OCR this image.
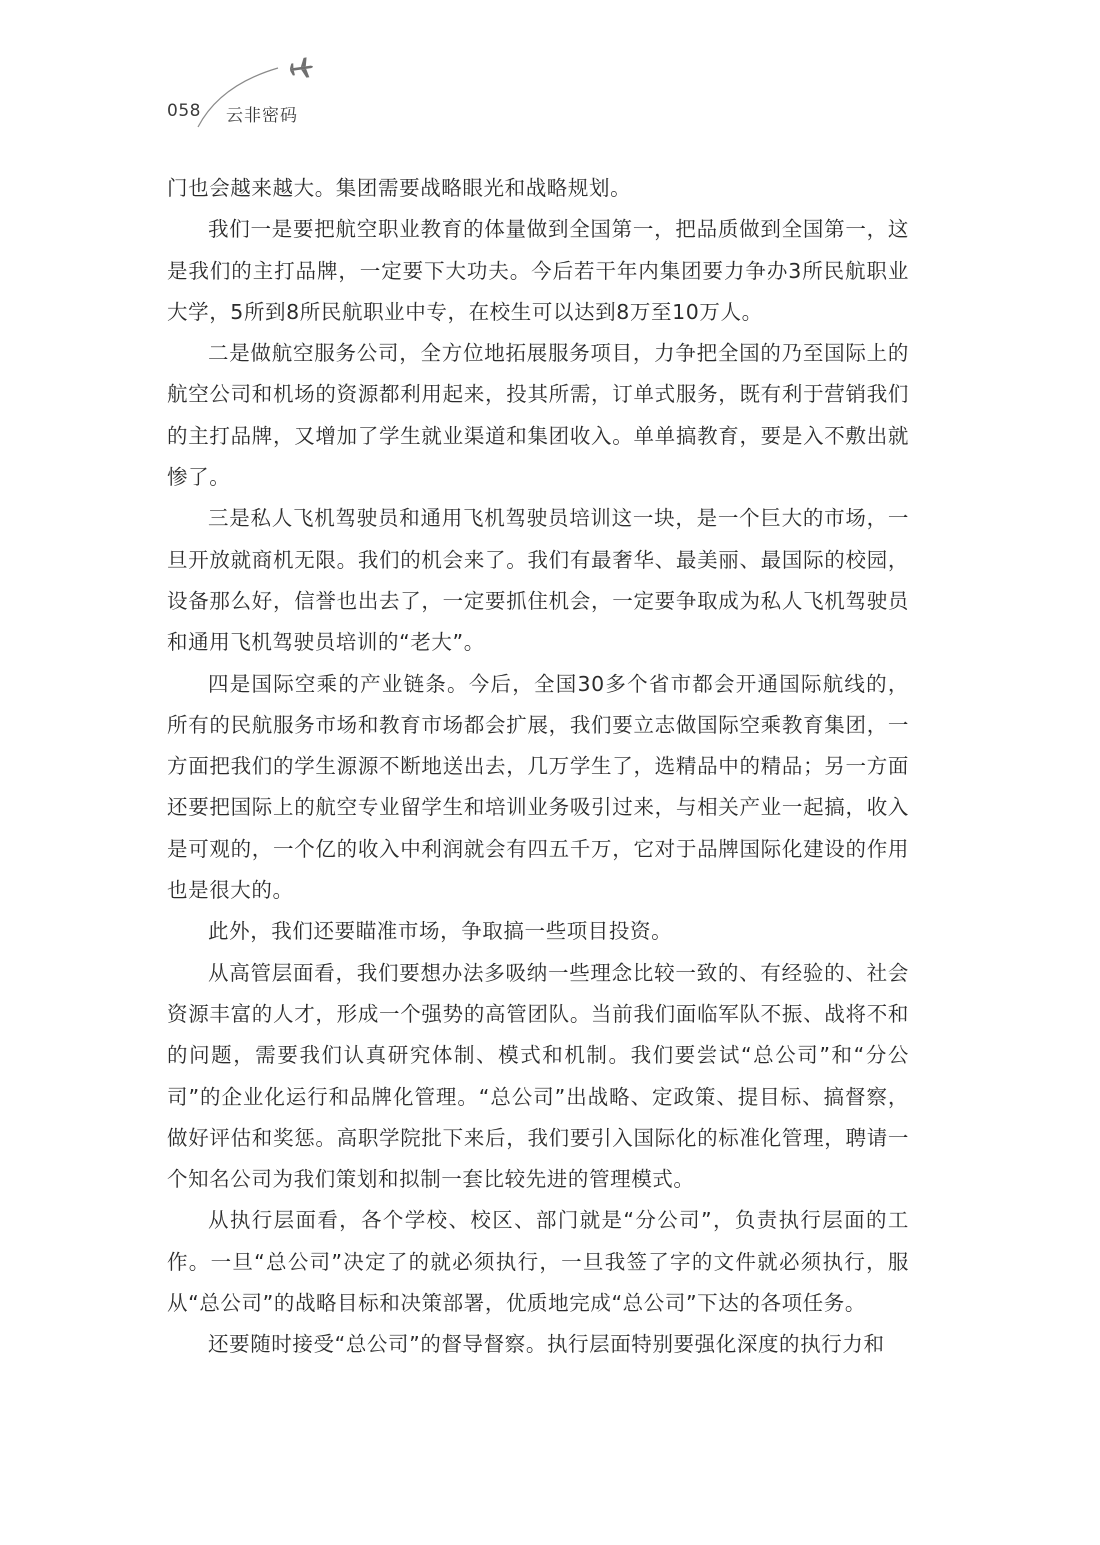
058 云非密码

门也会越来越大。集团需要战略眼光和战略规划。

我们一是要把航空职业教育的体量做到全国第一，把品质做到全国第一，这是我们的主打品牌，一定要下大功夫。今后若干年内集团要力争办3所民航职业大学，5所到8所民航职业中专，在校生可以达到8万至10万人。

二是做航空服务公司，全方位地拓展服务项目，力争把全国的乃至国际上的航空公司和机场的资源都利用起来，投其所需，订单式服务，既有利于营销我们的主打品牌，又增加了学生就业渠道和集团收入。单单搞教育，要是入不敷出就惨了。

三是私人飞机驾驶员和通用飞机驾驶员培训这一块，是一个巨大的市场，一旦开放就商机无限。我们的机会来了。我们有最奢华、最美丽、最国际的校园，设备那么好，信誉也出去了，一定要抓住机会，一定要争取成为私人飞机驾驶员和通用飞机驾驶员培训的“老大”。

四是国际空乘的产业链条。今后，全国30多个省市都会开通国际航线的，所有的民航服务市场和教育市场都会扩展，我们要立志做国际空乘教育集团，一方面把我们的学生源源不断地送出去，几万学生了，选精品中的精品；另一方面还要把国际上的航空专业留学生和培训业务吸引过来，与相关产业一起搞，收入是可观的，一个亿的收入中利润就会有四五千万，它对于品牌国际化建设的作用也是很大的。

此外，我们还要瞄准市场，争取搞一些项目投资。

从高管层面看，我们要想办法多吸纳一些理念比较一致的、有经验的、社会资源丰富的人才，形成一个强势的高管团队。当前我们面临军队不振、战将不和的问题，需要我们认真研究体制、模式和机制。我们要尝试“总公司”和“分公司”的企业化运行和品牌化管理。“总公司”出战略、定政策、提目标、搞督察，做好评估和奖惩。高职学院批下来后，我们要引入国际化的标准化管理，聘请一个知名公司为我们策划和拟制一套比较先进的管理模式。

从执行层面看，各个学校、校区、部门就是“分公司”，负责执行层面的工作。一旦“总公司”决定了的就必须执行，一旦我签了字的文件就必须执行，服从“总公司”的战略目标和决策部署，优质地完成“总公司”下达的各项任务。

还要随时接受“总公司”的督导督察。执行层面特别要强化深度的执行力和
